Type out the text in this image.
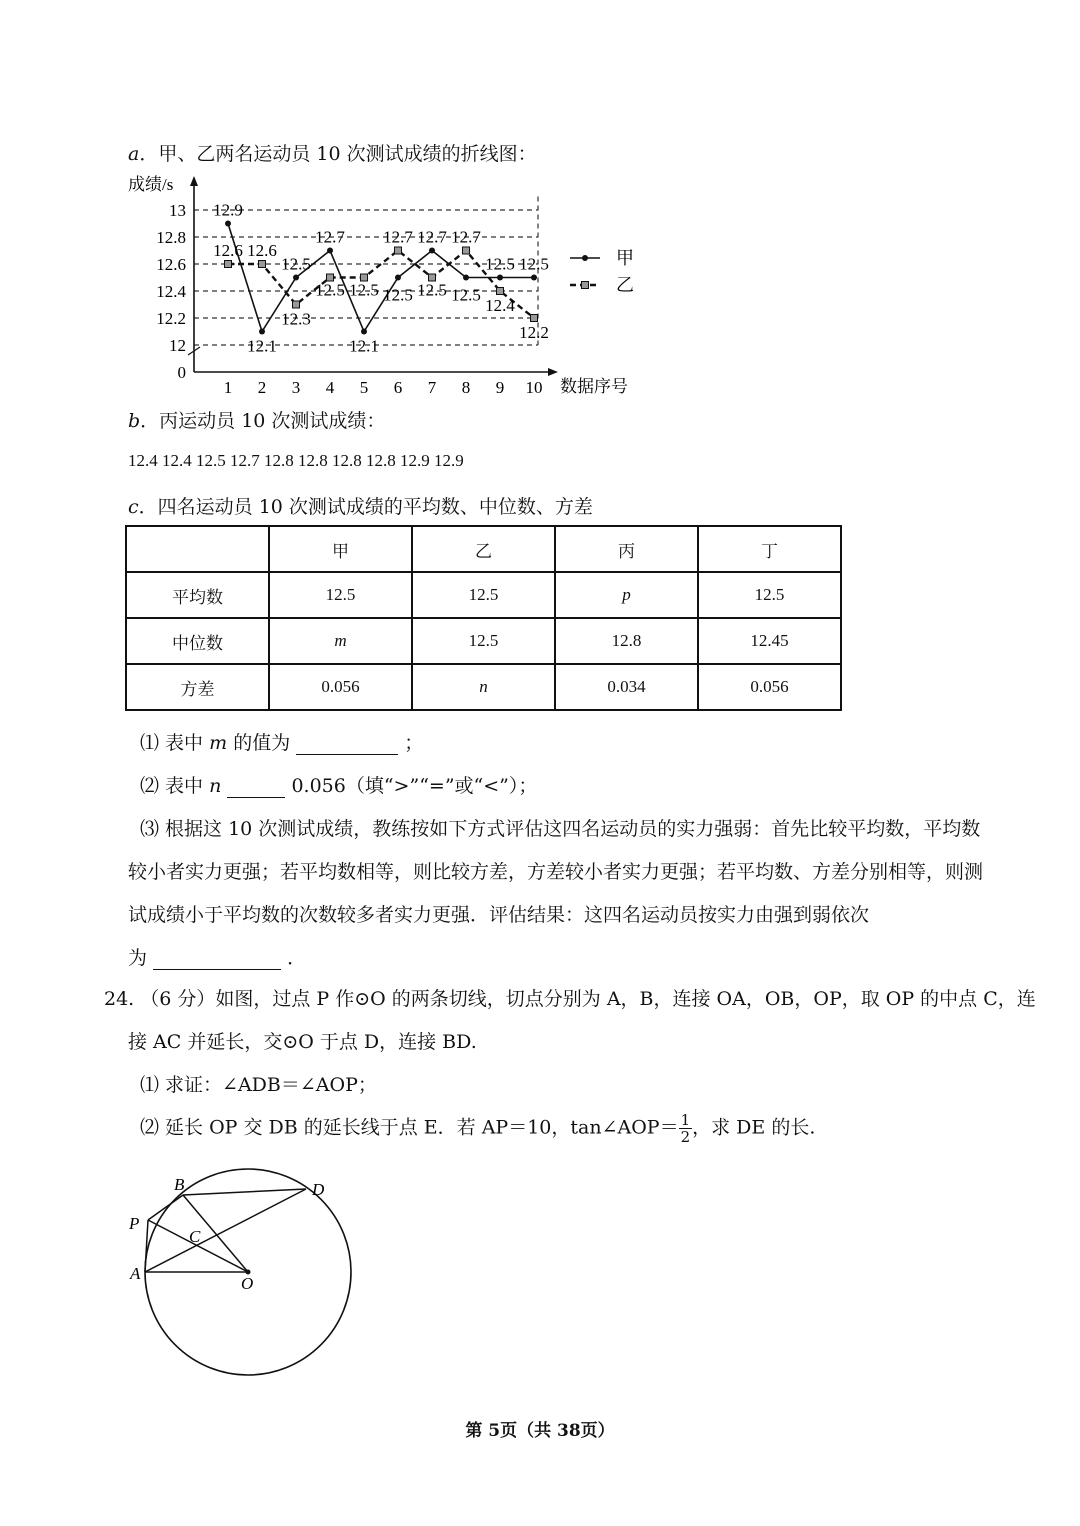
a．甲、乙两名运动员 10 次测试成绩的折线图：
0
12
12.2
12.4
12.6
12.8
13
1 2 3 4 5 6 7 8 9 10
成绩/s
数据序号
12.9
12.1
12.5
12.7
12.1
12.5
12.7
12.5
12.5 12.5
12.6 12.6
12.3
12.5 12.5
12.7
12.5
12.7
12.4
12.2
甲
乙
b．丙运动员 10 次测试成绩：
12.4 12.4 12.5 12.7 12.8 12.8 12.8 12.8 12.9 12.9
c．四名运动员 10 次测试成绩的平均数、中位数、方差
	甲	乙	丙	丁
平均数	12.5	12.5	p	12.5
中位数	m	12.5	12.8	12.45
方差	0.056	n	0.034	0.056
⑴ 表中 m 的值为	；
⑵ 表中 n	0.056（填“>”“=”或“<”）；
⑶ 根据这 10 次测试成绩，教练按如下方式评估这四名运动员的实力强弱：首先比较平均数，平均数
较小者实力更强；若平均数相等，则比较方差，方差较小者实力更强；若平均数、方差分别相等，则测
试成绩小于平均数的次数较多者实力更强．评估结果：这四名运动员按实力由强到弱依次
为	．
24. （6 分）如图，过点 P 作⊙O 的两条切线，切点分别为 A，B，连接 OA，OB，OP，取 OP 的中点 C，连
接 AC 并延长，交⊙O 于点 D，连接 BD.
⑴ 求证：∠ADB＝∠AOP；
⑵ 延长 OP 交 DB 的延长线于点 E．若 AP＝10，tan∠AOP＝ $\frac{1}{2}$ ，求 DE 的长.
B	D
P
C
A
O
第 5页（共 38页）
